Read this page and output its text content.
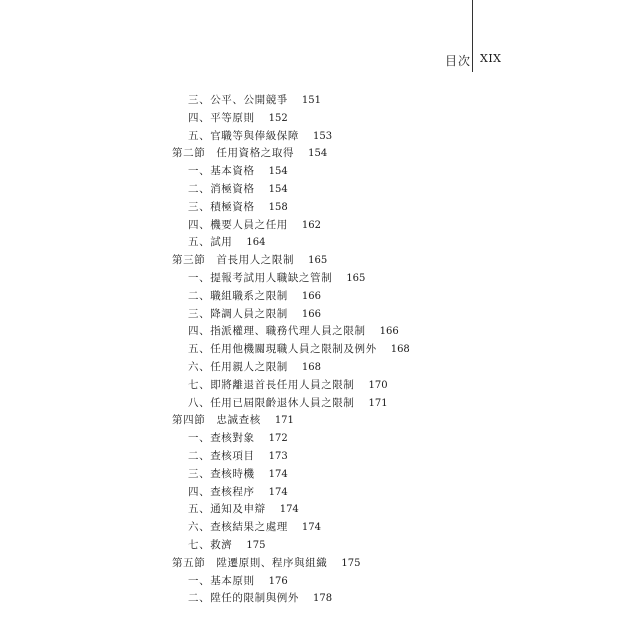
目次 XIX
三、公平、公開競爭 151
四、平等原則 152
五、官職等與俸級保障 153
第二節　任用資格之取得 154
一、基本資格 154
二、消極資格 154
三、積極資格 158
四、機要人員之任用 162
五、試用 164
第三節　首長用人之限制 165
一、提報考試用人職缺之管制 165
二、職組職系之限制 166
三、降調人員之限制 166
四、指派權理、職務代理人員之限制 166
五、任用他機關現職人員之限制及例外 168
六、任用親人之限制 168
七、即將離退首長任用人員之限制 170
八、任用已屆限齡退休人員之限制 171
第四節　忠誠查核 171
一、查核對象 172
二、查核項目 173
三、查核時機 174
四、查核程序 174
五、通知及申辯 174
六、查核結果之處理 174
七、救濟 175
第五節　陞遷原則、程序與組織 175
一、基本原則 176
二、陞任的限制與例外 178
